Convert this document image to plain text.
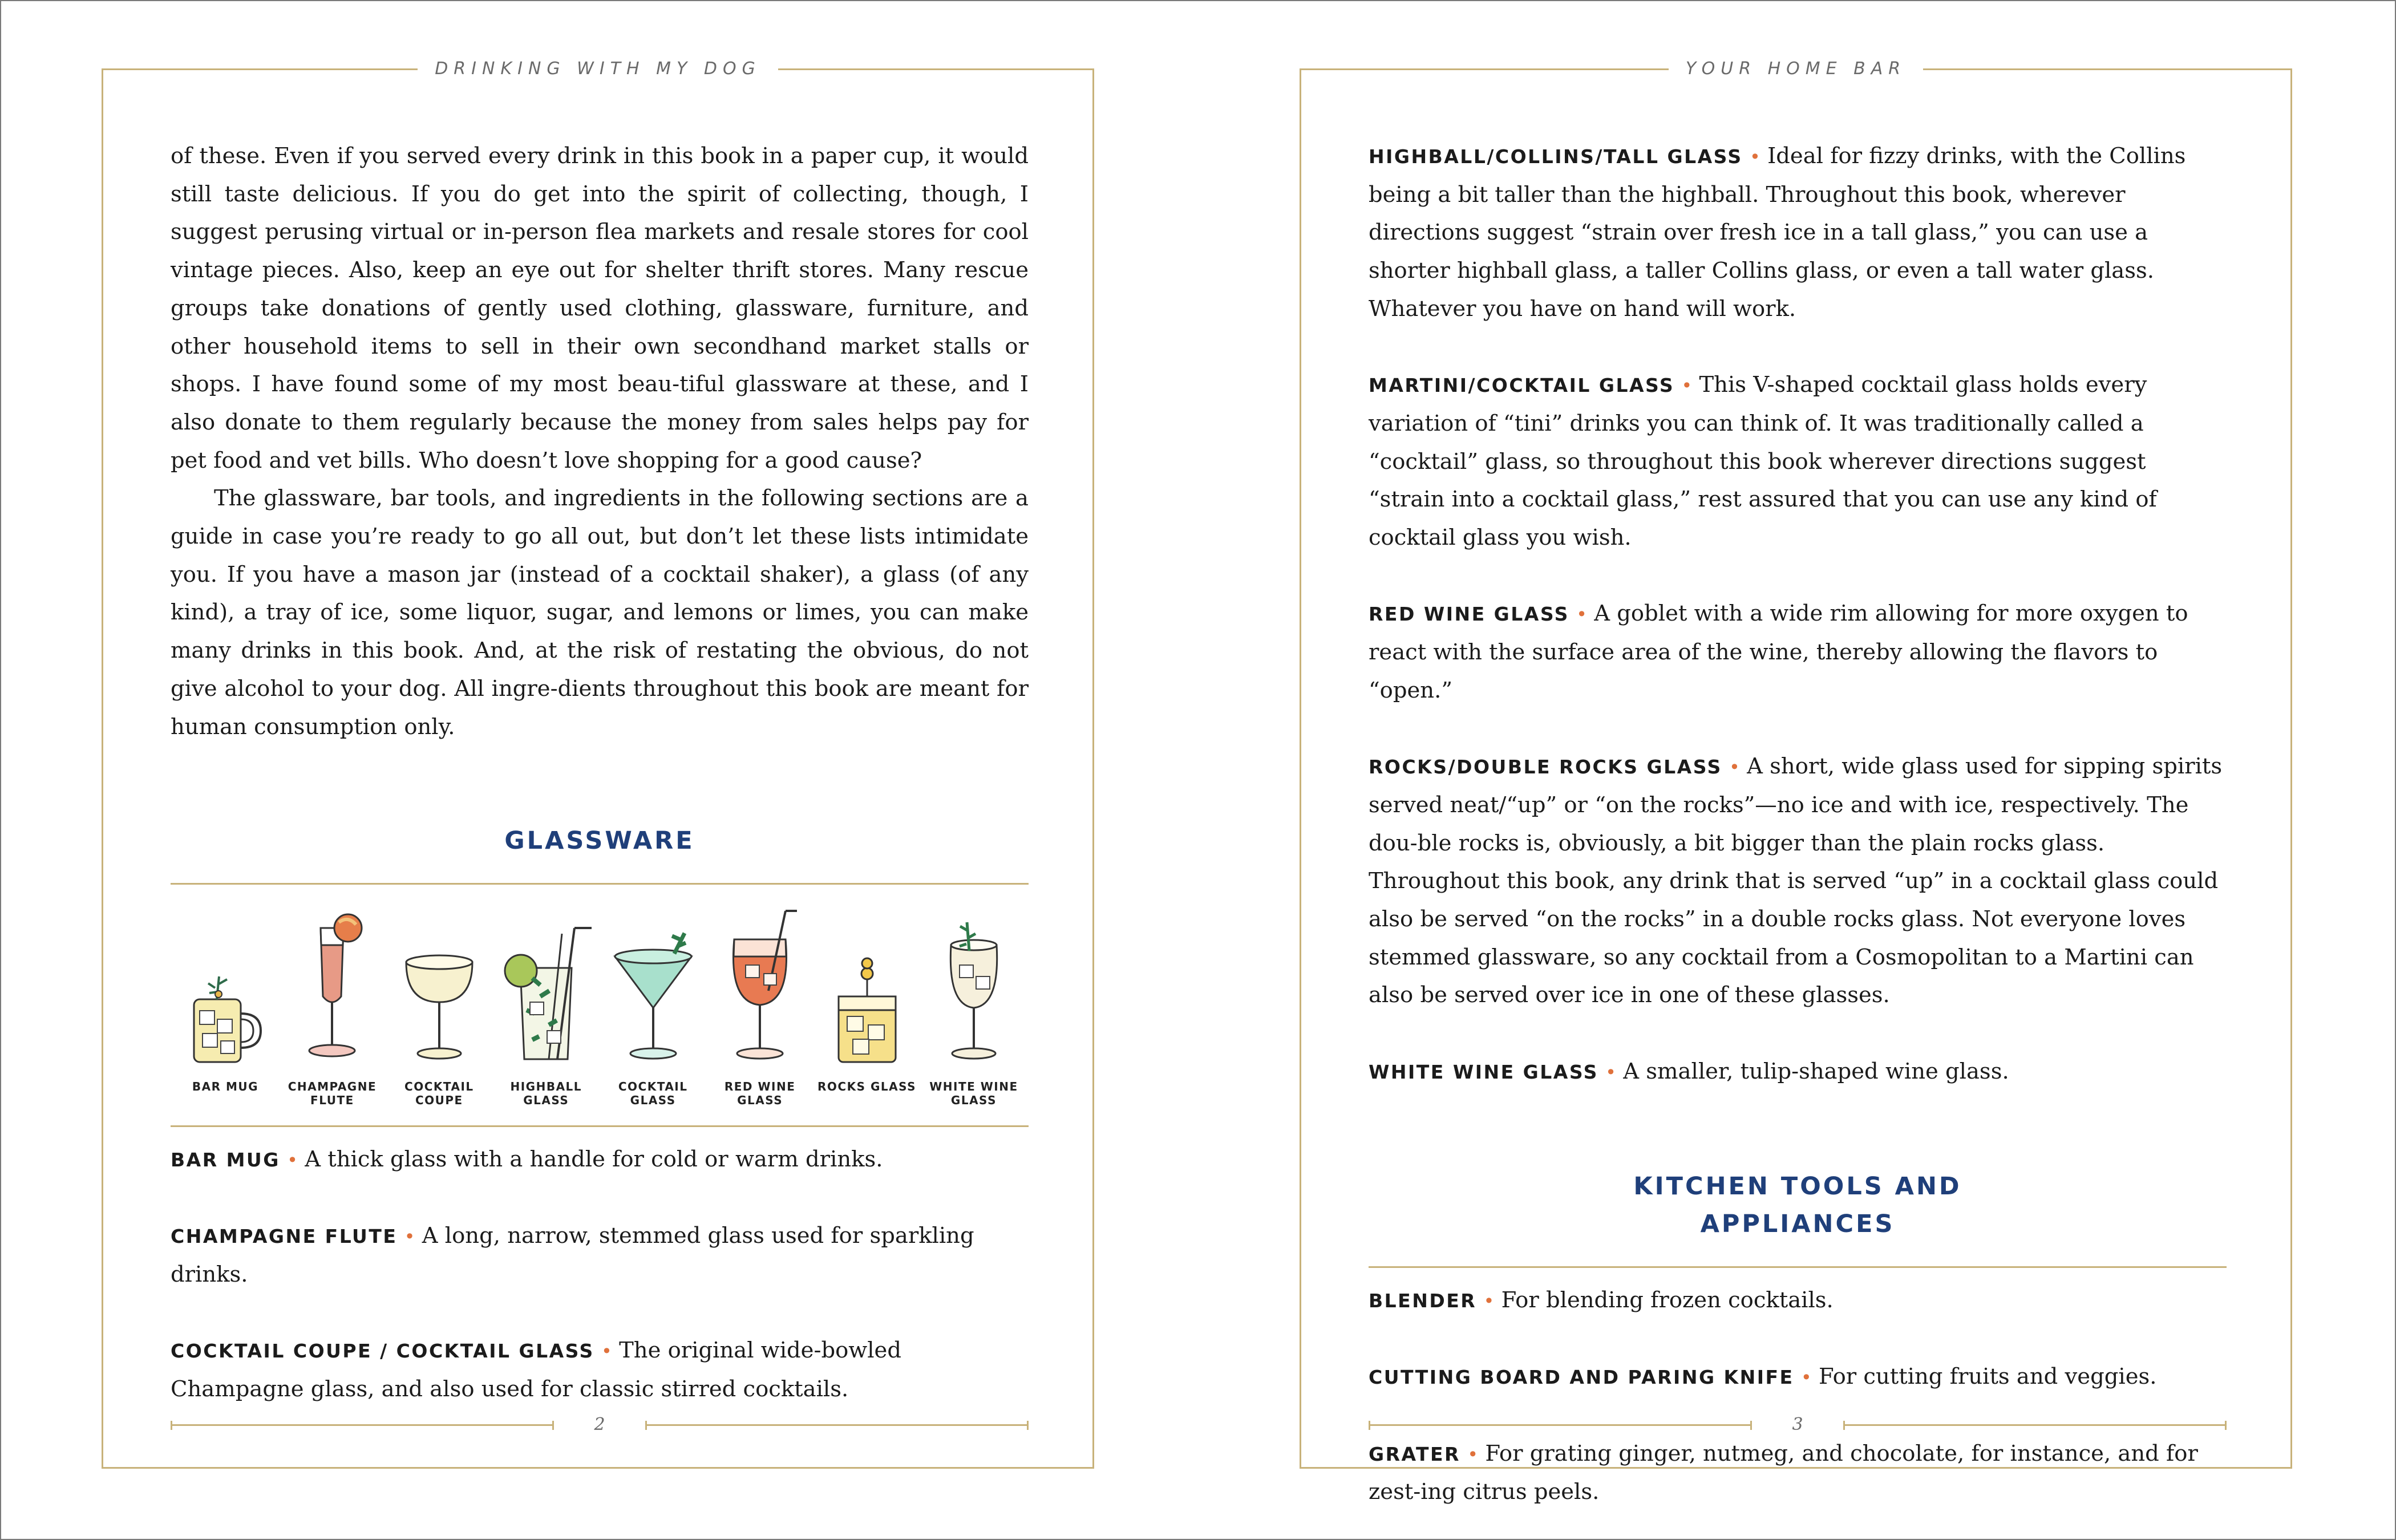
DRINKING WITH MY DOG

of these. Even if you served every drink in this book in a paper cup, it would still taste delicious. If you do get into the spirit of collecting, though, I suggest perusing virtual or in-person flea markets and resale stores for cool vintage pieces. Also, keep an eye out for shelter thrift stores. Many rescue groups take donations of gently used clothing, glassware, furniture, and other household items to sell in their own secondhand market stalls or shops. I have found some of my most beau-tiful glassware at these, and I also donate to them regularly because the money from sales helps pay for pet food and vet bills. Who doesn’t love shopping for a good cause?

The glassware, bar tools, and ingredients in the following sections are a guide in case you’re ready to go all out, but don’t let these lists intimidate you. If you have a mason jar (instead of a cocktail shaker), a glass (of any kind), a tray of ice, some liquor, sugar, and lemons or limes, you can make many drinks in this book. And, at the risk of restating the obvious, do not give alcohol to your dog. All ingre-dients throughout this book are meant for human consumption only.

GLASSWARE
BAR MUG	CHAMPAGNE FLUTE
COCKTAIL COUPE
HIGHBALL GLASS
COCKTAIL GLASS
RED WINE GLASS
ROCKS GLASS	WHITE WINE GLASS

BAR MUG • A thick glass with a handle for cold or warm drinks.

CHAMPAGNE FLUTE • A long, narrow, stemmed glass used for sparkling drinks.

COCKTAIL COUPE / COCKTAIL GLASS • The original wide-bowled Champagne glass, and also used for classic stirred cocktails.

2
YOUR HOME BAR

HIGHBALL/COLLINS/TALL GLASS • Ideal for fizzy drinks, with the Collins being a bit taller than the highball. Throughout this book, wherever directions suggest “strain over fresh ice in a tall glass,” you can use a shorter highball glass, a taller Collins glass, or even a tall water glass. Whatever you have on hand will work.

MARTINI/COCKTAIL GLASS • This V-shaped cocktail glass holds every variation of “tini” drinks you can think of. It was traditionally called a “cocktail” glass, so throughout this book wherever directions suggest “strain into a cocktail glass,” rest assured that you can use any kind of cocktail glass you wish.

RED WINE GLASS • A goblet with a wide rim allowing for more oxygen to react with the surface area of the wine, thereby allowing the flavors to “open.”

ROCKS/DOUBLE ROCKS GLASS • A short, wide glass used for sipping spirits served neat/“up” or “on the rocks”—no ice and with ice, respectively. The dou-ble rocks is, obviously, a bit bigger than the plain rocks glass. Throughout this book, any drink that is served “up” in a cocktail glass could also be served “on the rocks” in a double rocks glass. Not everyone loves stemmed glassware, so any cocktail from a Cosmopolitan to a Martini can also be served over ice in one of these glasses.

WHITE WINE GLASS • A smaller, tulip-shaped wine glass.

KITCHEN TOOLS AND
APPLIANCES

BLENDER • For blending frozen cocktails.

CUTTING BOARD AND PARING KNIFE • For cutting fruits and veggies.

GRATER • For grating ginger, nutmeg, and chocolate, for instance, and for zest-ing citrus peels.

3
